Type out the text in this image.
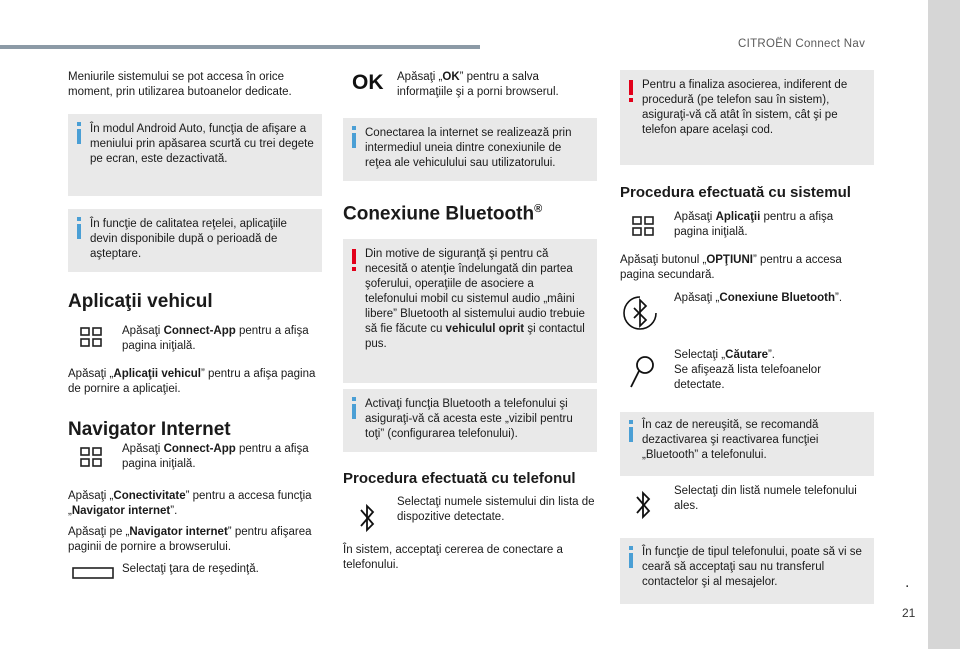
CITROËN Connect Nav
.
21
Meniurile sistemului se pot accesa în orice moment, prin utilizarea butoanelor dedicate.
În modul Android Auto, funcţia de afişare a meniului prin apăsarea scurtă cu trei degete pe ecran, este dezactivată.
În funcţie de calitatea reţelei, aplicaţiile devin disponibile după o perioadă de aşteptare.
Aplicaţii vehicul
Apăsaţi Connect-App pentru a afişa pagina iniţială.
Apăsaţi „Aplicaţii vehicul” pentru a afişa pagina de pornire a aplicaţiei.
Navigator Internet
Apăsaţi Connect-App pentru a afişa pagina iniţială.
Apăsaţi „Conectivitate” pentru a accesa funcţia „Navigator internet”.
Apăsaţi pe „Navigator internet” pentru afişarea paginii de pornire a browserului.
Selectaţi ţara de reşedinţă.
OK Apăsaţi „OK” pentru a salva informaţiile şi a porni browserul.
Conectarea la internet se realizează prin intermediul uneia dintre conexiunile de reţea ale vehiculului sau utilizatorului.
Conexiune Bluetooth®
Din motive de siguranţă şi pentru că necesită o atenţie îndelungată din partea şoferului, operaţiile de asociere a telefonului mobil cu sistemul audio „mâini libere” Bluetooth al sistemului audio trebuie să fie făcute cu vehiculul oprit şi contactul pus.
Activaţi funcţia Bluetooth a telefonului şi asiguraţi-vă că acesta este „vizibil pentru toţi” (configurarea telefonului).
Procedura efectuată cu telefonul
Selectaţi numele sistemului din lista de dispozitive detectate.
În sistem, acceptaţi cererea de conectare a telefonului.
Pentru a finaliza asocierea, indiferent de procedură (pe telefon sau în sistem), asiguraţi-vă că atât în sistem, cât şi pe telefon apare acelaşi cod.
Procedura efectuată cu sistemul
Apăsaţi Aplicaţii pentru a afişa pagina iniţială.
Apăsaţi butonul „OPŢIUNI” pentru a accesa pagina secundară.
Apăsaţi „Conexiune Bluetooth”.
Selectaţi „Căutare”.
Se afişează lista telefoanelor detectate.
În caz de nereuşită, se recomandă dezactivarea şi reactivarea funcţiei „Bluetooth” a telefonului.
Selectaţi din listă numele telefonului ales.
În funcţie de tipul telefonului, poate să vi se ceară să acceptaţi sau nu transferul contactelor şi al mesajelor.
